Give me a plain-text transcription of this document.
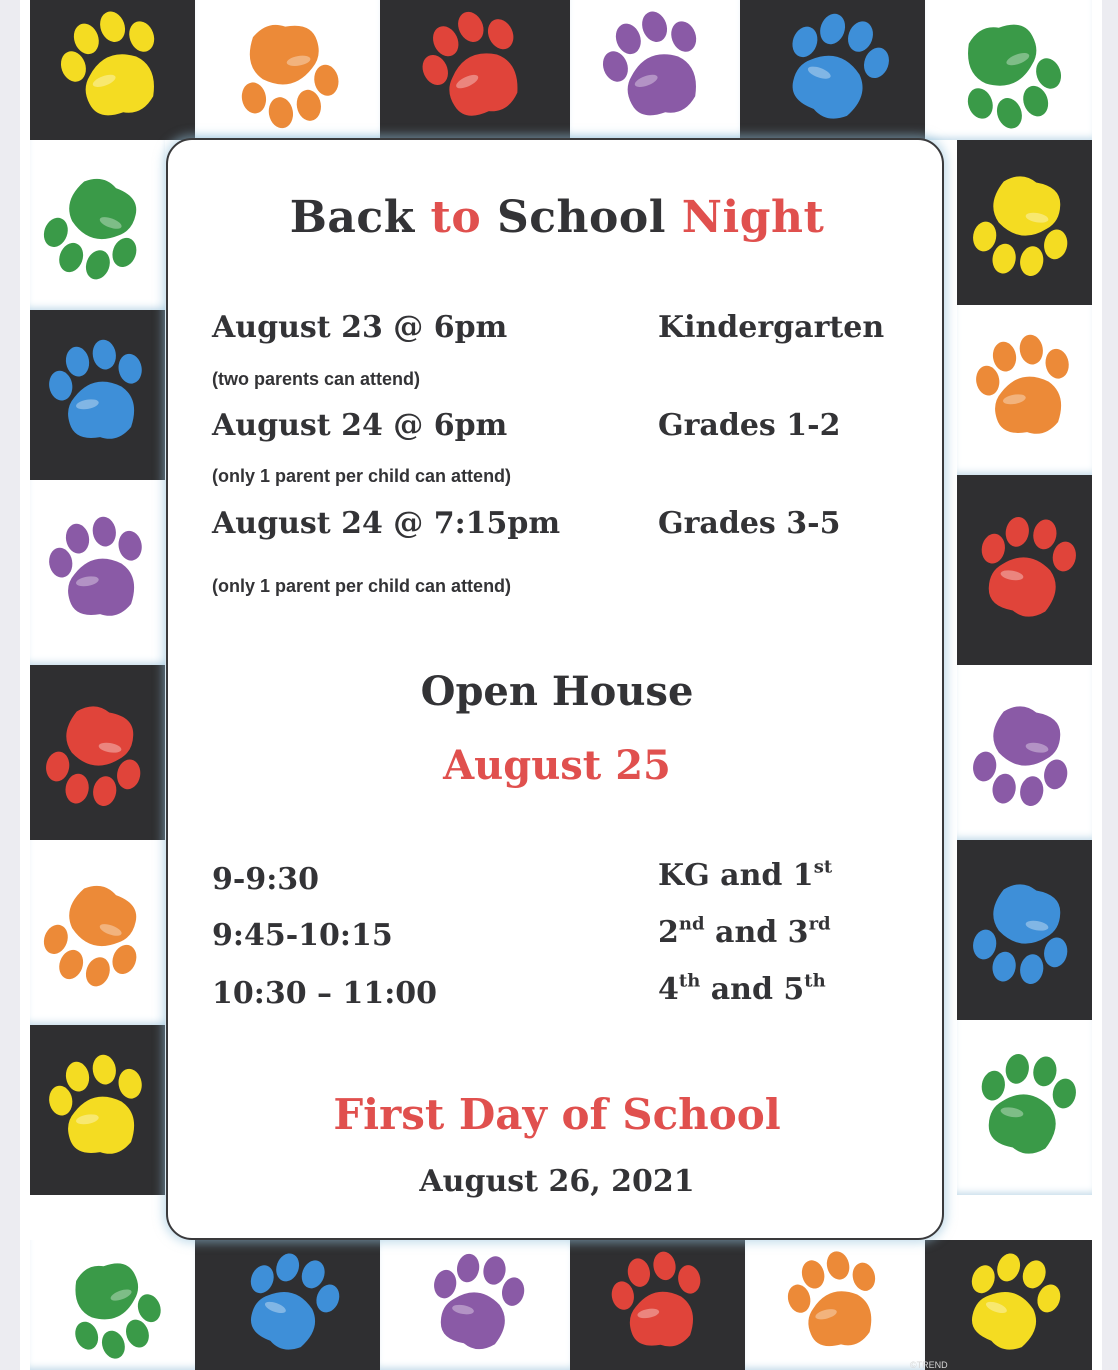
Back to School Night
August 23 @ 6pm	Kindergarten
(two parents can attend)
August 24 @ 6pm	Grades 1-2
(only 1 parent per child can attend)
August 24 @ 7:15pm	Grades 3-5
(only 1 parent per child can attend)
Open House
August 25
9-9:30	KG and 1st
9:45-10:15	2nd and 3rd
10:30 – 11:00	4th and 5th
First Day of School
August 26, 2021
©TREND
